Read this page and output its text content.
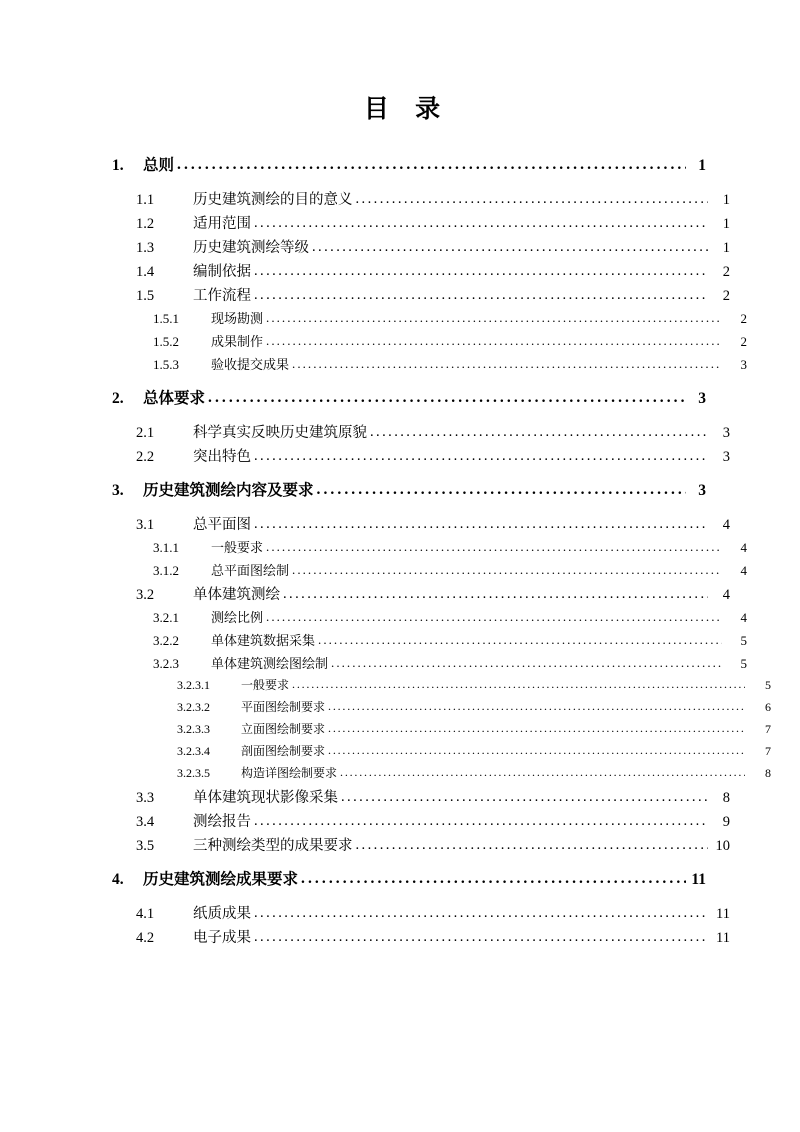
目 录
1.	总则 . . .	1
1.1	历史建筑测绘的目的意义 . . .	1
1.2	适用范围 . . .	1
1.3	历史建筑测绘等级 . . .	1
1.4	编制依据 . . .	2
1.5	工作流程 . . .	2
1.5.1	现场勘测 . . .	2
1.5.2	成果制作 . . .	2
1.5.3	验收提交成果 . . .	3
2.	总体要求 . . .	3
2.1	科学真实反映历史建筑原貌 . . .	3
2.2	突出特色 . . .	3
3.	历史建筑测绘内容及要求 . . .	3
3.1	总平面图 . . .	4
3.1.1	一般要求 . . .	4
3.1.2	总平面图绘制 . . .	4
3.2	单体建筑测绘 . . .	4
3.2.1	测绘比例 . . .	4
3.2.2	单体建筑数据采集 . . .	5
3.2.3	单体建筑测绘图绘制 . . .	5
3.2.3.1	一般要求 . . .	5
3.2.3.2	平面图绘制要求 . . .	6
3.2.3.3	立面图绘制要求 . . .	7
3.2.3.4	剖面图绘制要求 . . .	7
3.2.3.5	构造详图绘制要求 . . .	8
3.3	单体建筑现状影像采集 . . .	8
3.4	测绘报告 . . .	9
3.5	三种测绘类型的成果要求 . . .	10
4.	历史建筑测绘成果要求 . . .	11
4.1	纸质成果 . . .	11
4.2	电子成果 . . .	11
